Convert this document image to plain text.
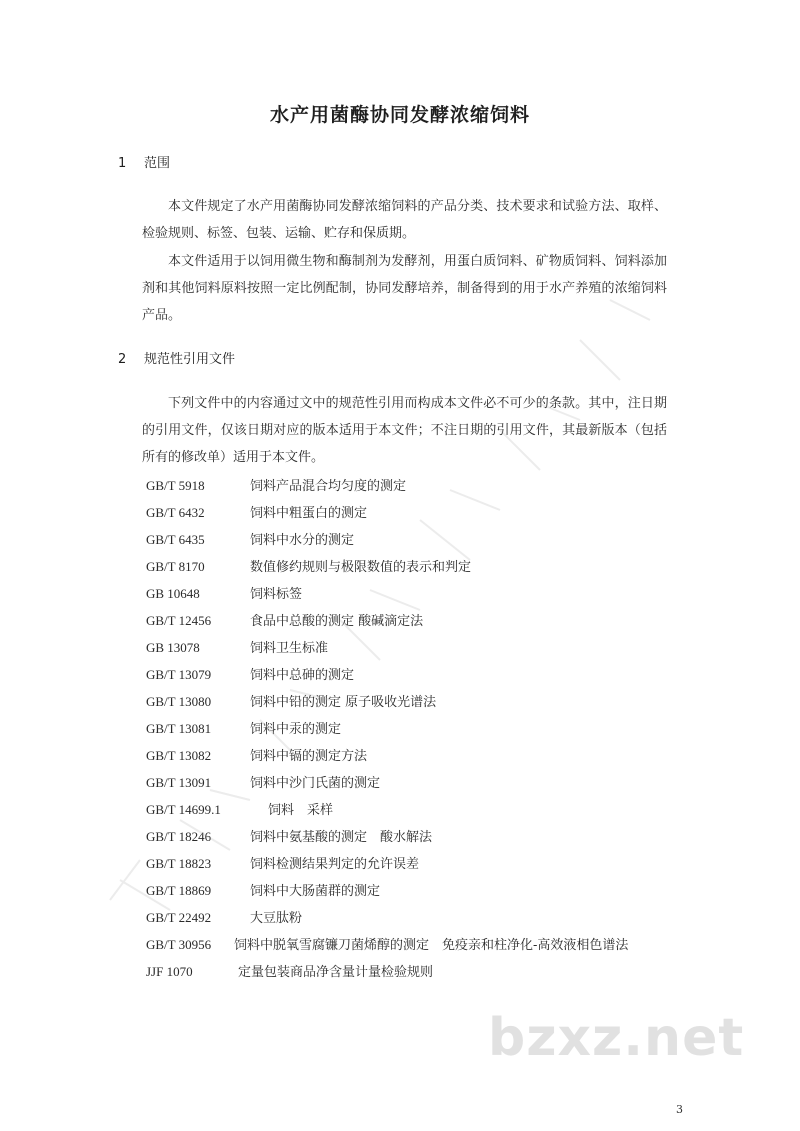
水产用菌酶协同发酵浓缩饲料
1 范围
本文件规定了水产用菌酶协同发酵浓缩饲料的产品分类、技术要求和试验方法、取样、检验规则、标签、包装、运输、贮存和保质期。
本文件适用于以饲用微生物和酶制剂为发酵剂，用蛋白质饲料、矿物质饲料、饲料添加剂和其他饲料原料按照一定比例配制，协同发酵培养，制备得到的用于水产养殖的浓缩饲料产品。
2 规范性引用文件
下列文件中的内容通过文中的规范性引用而构成本文件必不可少的条款。其中，注日期的引用文件，仅该日期对应的版本适用于本文件；不注日期的引用文件，其最新版本（包括所有的修改单）适用于本文件。
GB/T 5918	饲料产品混合均匀度的测定
GB/T 6432	饲料中粗蛋白的测定
GB/T 6435	饲料中水分的测定
GB/T 8170	数值修约规则与极限数值的表示和判定
GB 10648	饲料标签
GB/T 12456	食品中总酸的测定 酸碱滴定法
GB 13078	饲料卫生标准
GB/T 13079	饲料中总砷的测定
GB/T 13080	饲料中铅的测定 原子吸收光谱法
GB/T 13081	饲料中汞的测定
GB/T 13082	饲料中镉的测定方法
GB/T 13091	饲料中沙门氏菌的测定
GB/T 14699.1	饲料　采样
GB/T 18246	饲料中氨基酸的测定　酸水解法
GB/T 18823	饲料检测结果判定的允许误差
GB/T 18869	饲料中大肠菌群的测定
GB/T 22492	大豆肽粉
GB/T 30956 饲料中脱氧雪腐镰刀菌烯醇的测定　免疫亲和柱净化-高效液相色谱法
JJF 1070	定量包装商品净含量计量检验规则
bzxz.net
3
